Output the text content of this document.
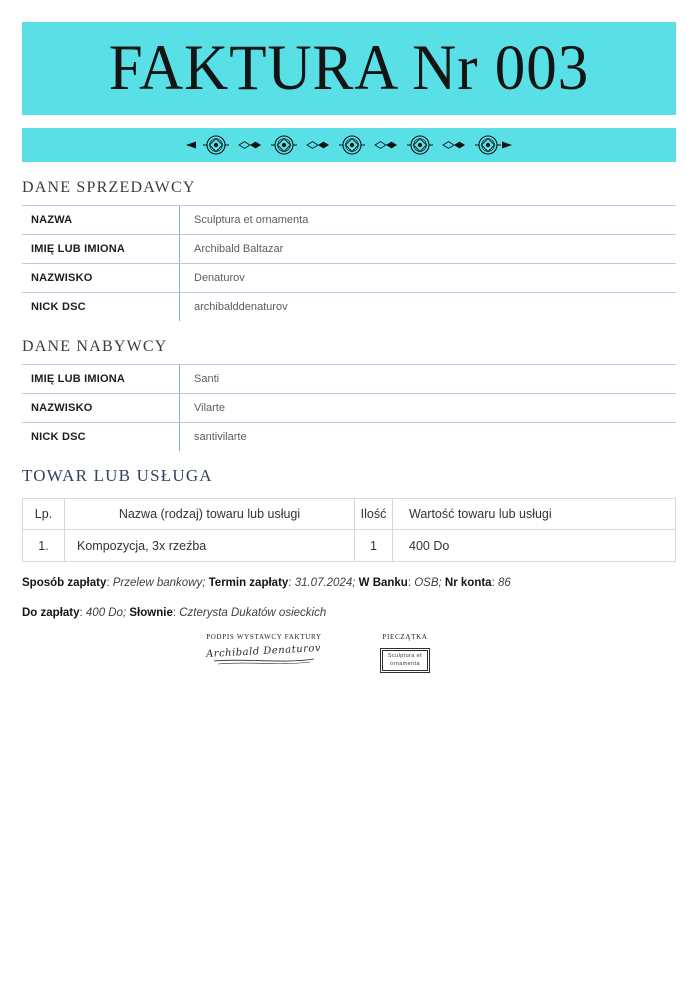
FAKTURA Nr 003
DANE SPRZEDAWCY
NAZWA	Sculptura et ornamenta
IMIĘ LUB IMIONA	Archibald Baltazar
NAZWISKO	Denaturov
NICK DSC	archibalddenaturov
DANE NABYWCY
IMIĘ LUB IMIONA	Santi
NAZWISKO	Vilarte
NICK DSC	santivilarte
TOWAR LUB USŁUGA
Lp.	Nazwa (rodzaj) towaru lub usługi	Ilość	Wartość towaru lub usługi
1.	Kompozycja, 3x rzeźba	1	400 Do

Sposób zapłaty: Przelew bankowy; Termin zapłaty: 31.07.2024; W Banku: OSB; Nr konta: 86

Do zapłaty: 400 Do; Słownie: Czterysta Dukatów osieckich

PODPIS WYSTAWCY FAKTURY
Archibald Denaturov
PIECZĄTKA
Sculptura et
ornamenta
